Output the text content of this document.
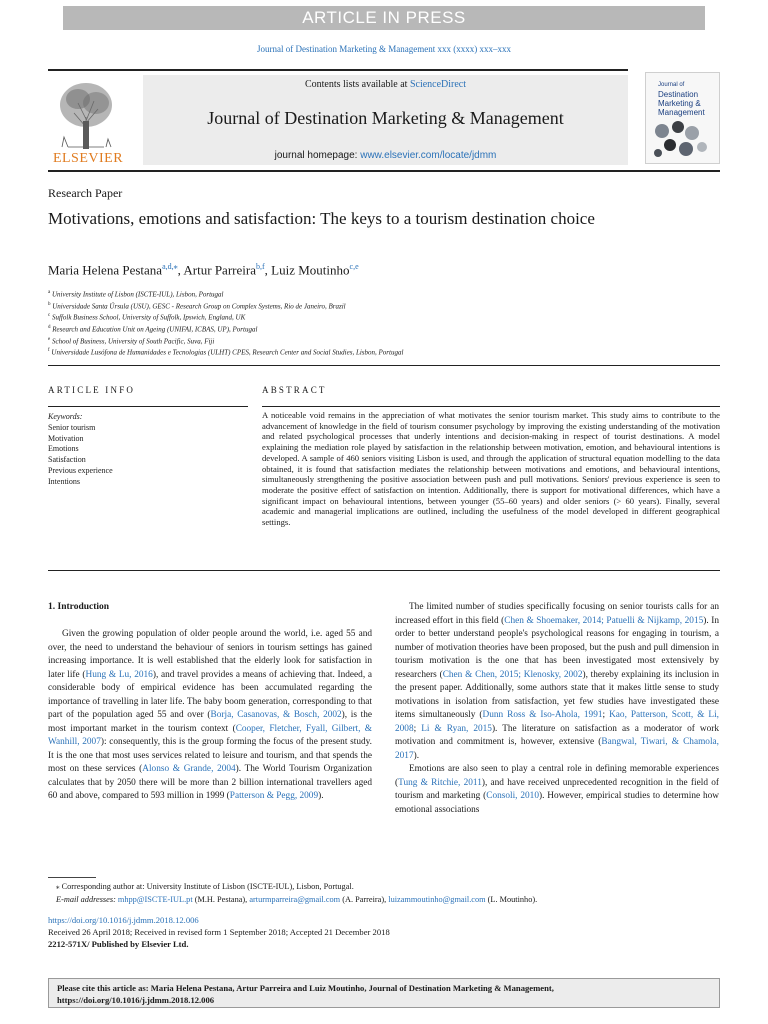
ARTICLE IN PRESS
Journal of Destination Marketing & Management xxx (xxxx) xxx–xxx
ELSEVIER
Contents lists available at ScienceDirect
Journal of Destination Marketing & Management
journal homepage: www.elsevier.com/locate/jdmm
Journal of
Destination
Marketing &
Management
Research Paper
Motivations, emotions and satisfaction: The keys to a tourism destination choice
Maria Helena Pestana$^{a,d,⁎}$, Artur Parreira$^{b,f}$, Luiz Moutinho$^{c,e}$
$^a$ University Institute of Lisbon (ISCTE-IUL), Lisbon, Portugal
$^b$ Universidade Santa Úrsula (USU), GESC - Research Group on Complex Systems, Rio de Janeiro, Brazil
$^c$ Suffolk Business School, University of Suffolk, Ipswich, England, UK
$^d$ Research and Education Unit on Ageing (UNIFAI, ICBAS, UP), Portugal
$^e$ School of Business, University of South Pacific, Suva, Fiji
$^f$ Universidade Lusófona de Humanidades e Tecnologias (ULHT) CPES, Research Center and Social Studies, Lisbon, Portugal
ARTICLE INFO	ABSTRACT
Keywords:
Senior tourism
Motivation
Emotions
Satisfaction
Previous experience
Intentions
A noticeable void remains in the appreciation of what motivates the senior tourism market. This study aims to contribute to the advancement of knowledge in the field of tourism consumer psychology by improving the existing understanding of the motivation and related psychological processes that underly intentions and decision-making in respect of tourist destinations. A model explaining the mediation role played by satisfaction in the relationship between motivation, emotion, and behavioural intentions is developed. A sample of 460 seniors visiting Lisbon is used, and through the application of structural equation modelling to the data obtained, it is found that satisfaction mediates the relationship between motivations and emotions, and behavioural intentions, simultaneously strengthening the positive association between push and pull motivations. Seniors' previous experience is seen to moderate the positive effect of satisfaction on intention. Additionally, there is support for motivational differences, which have a significant impact on behavioural intentions, between younger (55–60 years) and older seniors (> 60 years). Finally, several academic and managerial implications are outlined, including the usefulness of the model developed in different geographical settings.
1. Introduction

Given the growing population of older people around the world, i.e. aged 55 and over, the need to understand the behaviour of seniors in tourism settings has gained increasing importance. It is well established that the elderly look for satisfaction in later life (Hung & Lu, 2016), and travel provides a means of achieving that. Indeed, a considerable body of empirical evidence has been accumulated regarding the importance of travelling in later life. The baby boom generation, corresponding to that part of the population aged 55 and over (Borja, Casanovas, & Bosch, 2002), is the most important market in the tourism context (Cooper, Fletcher, Fyall, Gilbert, & Wanhill, 2007): consequently, this is the group forming the focus of the present study. It is the one that most uses services related to leisure and tourism, and that spends the most on these services (Alonso & Grande, 2004). The World Tourism Organization calculates that by 2050 there will be more than 2 billion international travellers aged 60 and above, compared to 593 million in 1999 (Patterson & Pegg, 2009).

The limited number of studies specifically focusing on senior tourists calls for an increased effort in this field (Chen & Shoemaker, 2014; Patuelli & Nijkamp, 2015). In order to better understand people's psychological reasons for engaging in tourism, a number of motivation theories have been proposed, but the push and pull dimension in tourism motivation is the one that has been investigated most extensively by researchers (Chen & Chen, 2015; Klenosky, 2002), thereby explaining its inclusion in the present paper. Additionally, some authors state that it makes little sense to study motivations in isolation from satisfaction, yet few studies have investigated these items simultaneously (Dunn Ross & Iso-Ahola, 1991; Kao, Patterson, Scott, & Li, 2008; Li & Ryan, 2015). The literature on satisfaction as a moderator of work motivation and commitment is, however, extensive (Bangwal, Tiwari, & Chamola, 2017).

Emotions are also seen to play a central role in defining memorable experiences (Tung & Ritchie, 2011), and have received unprecedented recognition in the field of tourism and marketing (Consoli, 2010). However, empirical studies to determine how emotional associations

⁎ Corresponding author at: University Institute of Lisbon (ISCTE-IUL), Lisbon, Portugal.
E-mail addresses: mhpp@ISCTE-IUL.pt (M.H. Pestana), arturmparreira@gmail.com (A. Parreira), luizammoutinho@gmail.com (L. Moutinho).
https://doi.org/10.1016/j.jdmm.2018.12.006
Received 26 April 2018; Received in revised form 1 September 2018; Accepted 21 December 2018
2212-571X/ Published by Elsevier Ltd.
Please cite this article as: Maria Helena Pestana, Artur Parreira and Luiz Moutinho, Journal of Destination Marketing & Management,
https://doi.org/10.1016/j.jdmm.2018.12.006
